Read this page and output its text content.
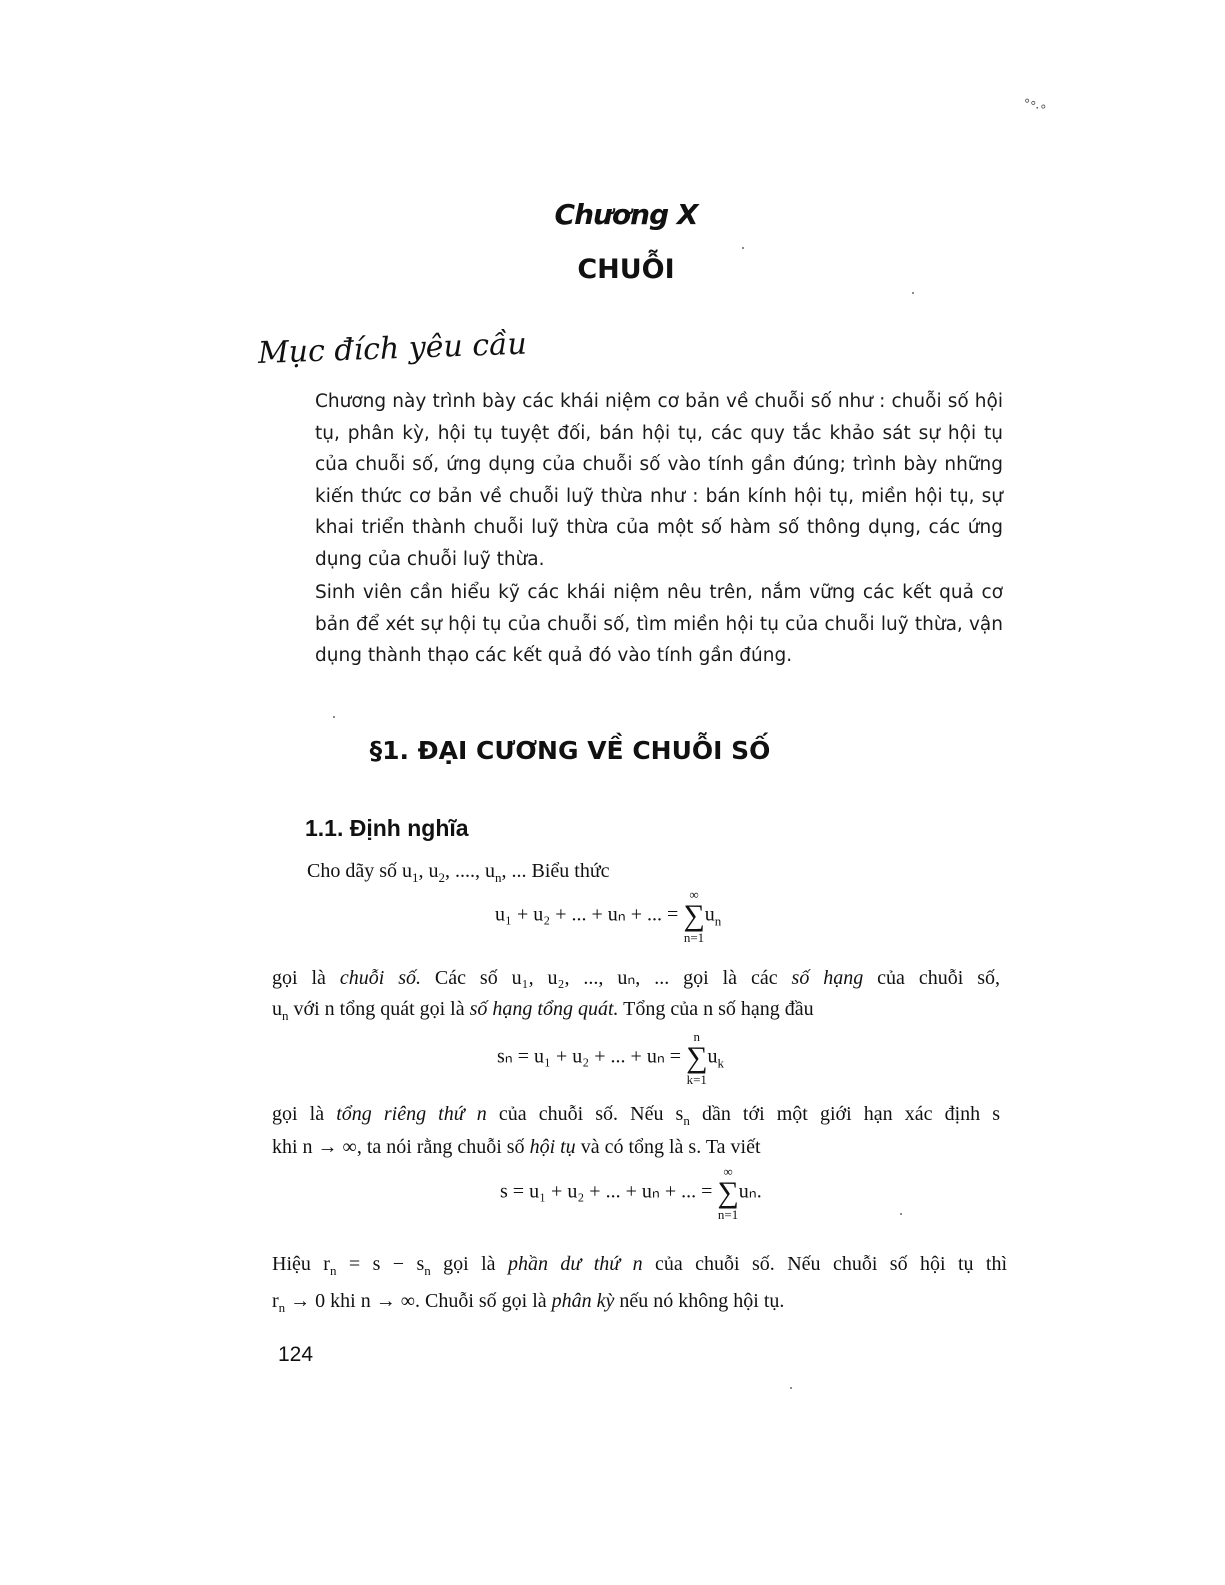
°°·°
Chương X
CHUỖI
Mục đích yêu cầu

Chương này trình bày các khái niệm cơ bản về chuỗi số như : chuỗi số hội tụ, phân kỳ, hội tụ tuyệt đối, bán hội tụ, các quy tắc khảo sát sự hội tụ của chuỗi số, ứng dụng của chuỗi số vào tính gần đúng; trình bày những kiến thức cơ bản về chuỗi luỹ thừa như : bán kính hội tụ, miền hội tụ, sự khai triển thành chuỗi luỹ thừa của một số hàm số thông dụng, các ứng dụng của chuỗi luỹ thừa.

Sinh viên cần hiểu kỹ các khái niệm nêu trên, nắm vững các kết quả cơ bản để xét sự hội tụ của chuỗi số, tìm miền hội tụ của chuỗi luỹ thừa, vận dụng thành thạo các kết quả đó vào tính gần đúng.

§1. ĐẠI CƯƠNG VỀ CHUỖI SỐ
1.1. Định nghĩa
Cho dãy số $u_1$, $u_2$, ...., $u_n$, ... Biểu thức
u₁ + u₂ + ... + uₙ + ... =
∞
∑
n=1
$u_n$
gọi là chuỗi số. Các số u₁, u₂, ..., uₙ, ... gọi là các số hạng của chuỗi số,
$u_n$ với n tổng quát gọi là số hạng tổng quát. Tổng của n số hạng đầu
sₙ = u₁ + u₂ + ... + uₙ =
n
∑
k=1
$u_k$
gọi là tổng riêng thứ n của chuỗi số. Nếu $s_n$ dần tới một giới hạn xác định s
khi n → ∞, ta nói rằng chuỗi số hội tụ và có tổng là s. Ta viết
s = u₁ + u₂ + ... + uₙ + ... =
∞
∑
n=1
uₙ.
Hiệu $r_n = s - s_n$ gọi là phần dư thứ n của chuỗi số. Nếu chuỗi số hội tụ thì
$r_n \to 0$ khi n → ∞. Chuỗi số gọi là phân kỳ nếu nó không hội tụ.
124
